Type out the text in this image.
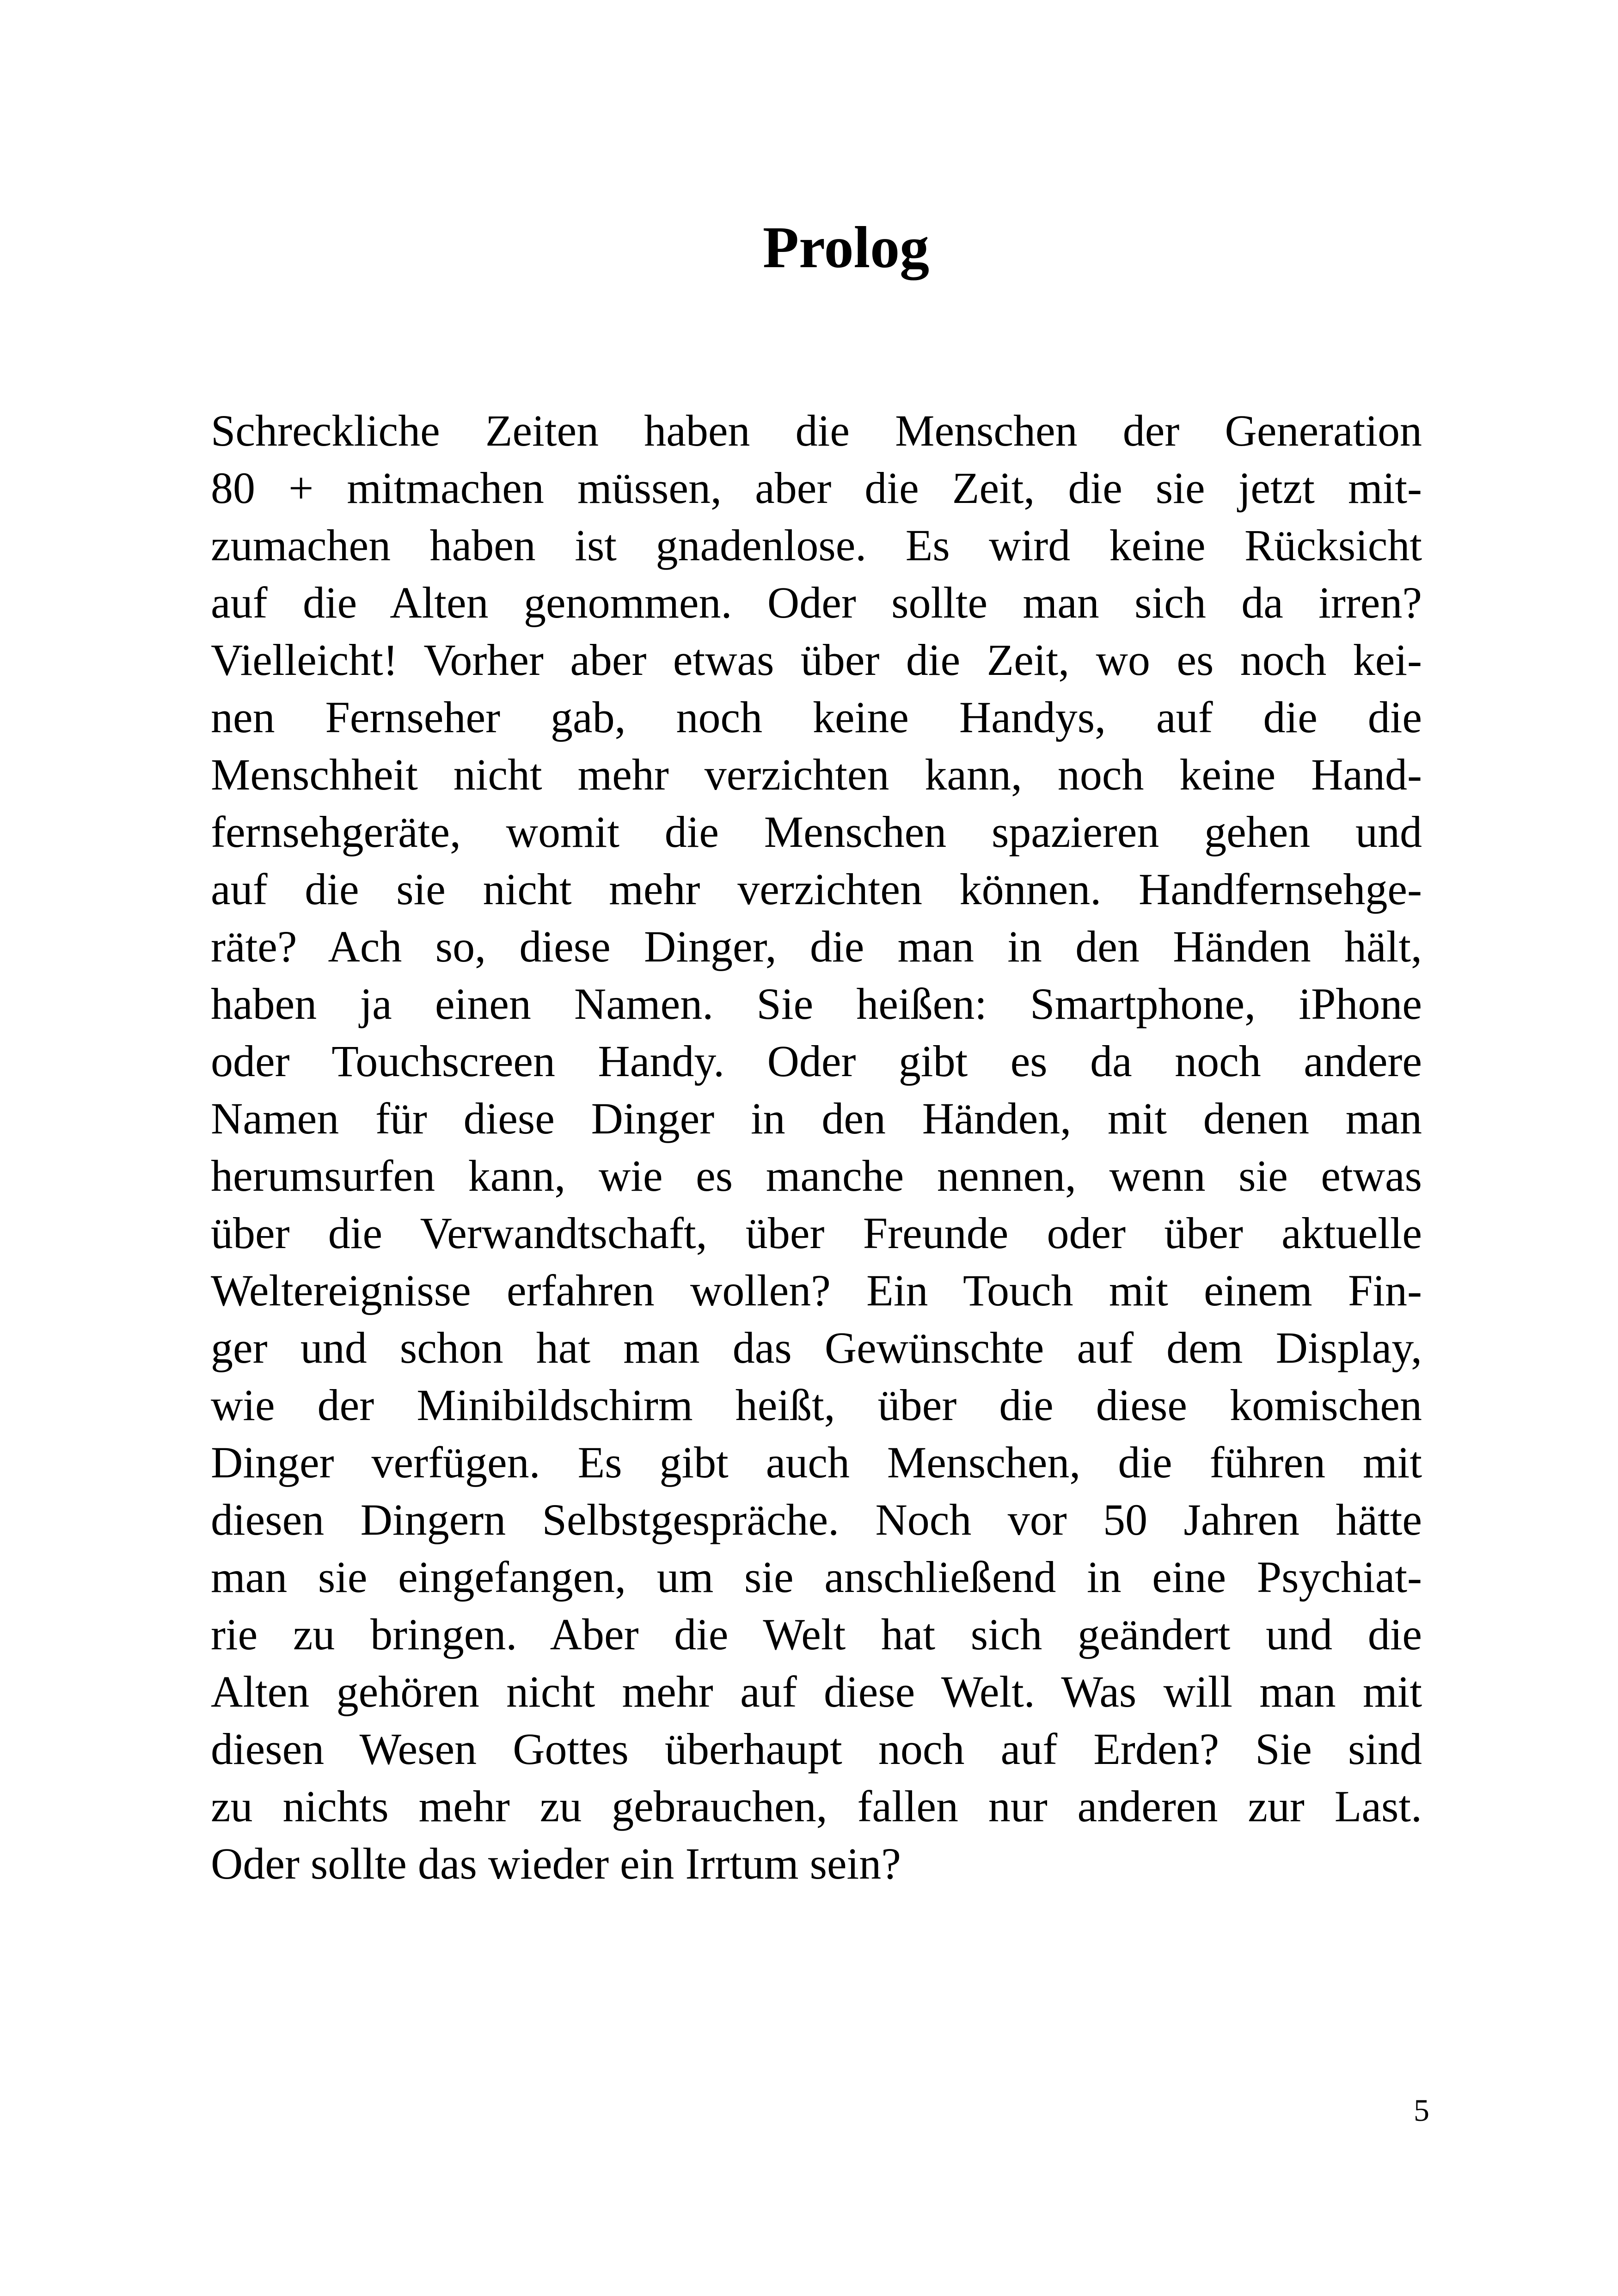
Prolog
Schreckliche Zeiten haben die Menschen der Generation
80 + mitmachen müssen, aber die Zeit, die sie jetzt mit-
zumachen haben ist gnadenlose. Es wird keine Rücksicht
auf die Alten genommen. Oder sollte man sich da irren?
Vielleicht! Vorher aber etwas über die Zeit, wo es noch kei-
nen Fernseher gab, noch keine Handys, auf die die
Menschheit nicht mehr verzichten kann, noch keine Hand-
fernsehgeräte, womit die Menschen spazieren gehen und
auf die sie nicht mehr verzichten können. Handfernsehge-
räte? Ach so, diese Dinger, die man in den Händen hält,
haben ja einen Namen. Sie heißen: Smartphone, iPhone
oder Touchscreen Handy. Oder gibt es da noch andere
Namen für diese Dinger in den Händen, mit denen man
herumsurfen kann, wie es manche nennen, wenn sie etwas
über die Verwandtschaft, über Freunde oder über aktuelle
Weltereignisse erfahren wollen? Ein Touch mit einem Fin-
ger und schon hat man das Gewünschte auf dem Display,
wie der Minibildschirm heißt, über die diese komischen
Dinger verfügen. Es gibt auch Menschen, die führen mit
diesen Dingern Selbstgespräche. Noch vor 50 Jahren hätte
man sie eingefangen, um sie anschließend in eine Psychiat-
rie zu bringen. Aber die Welt hat sich geändert und die
Alten gehören nicht mehr auf diese Welt. Was will man mit
diesen Wesen Gottes überhaupt noch auf Erden? Sie sind
zu nichts mehr zu gebrauchen, fallen nur anderen zur Last.
Oder sollte das wieder ein Irrtum sein?
5
